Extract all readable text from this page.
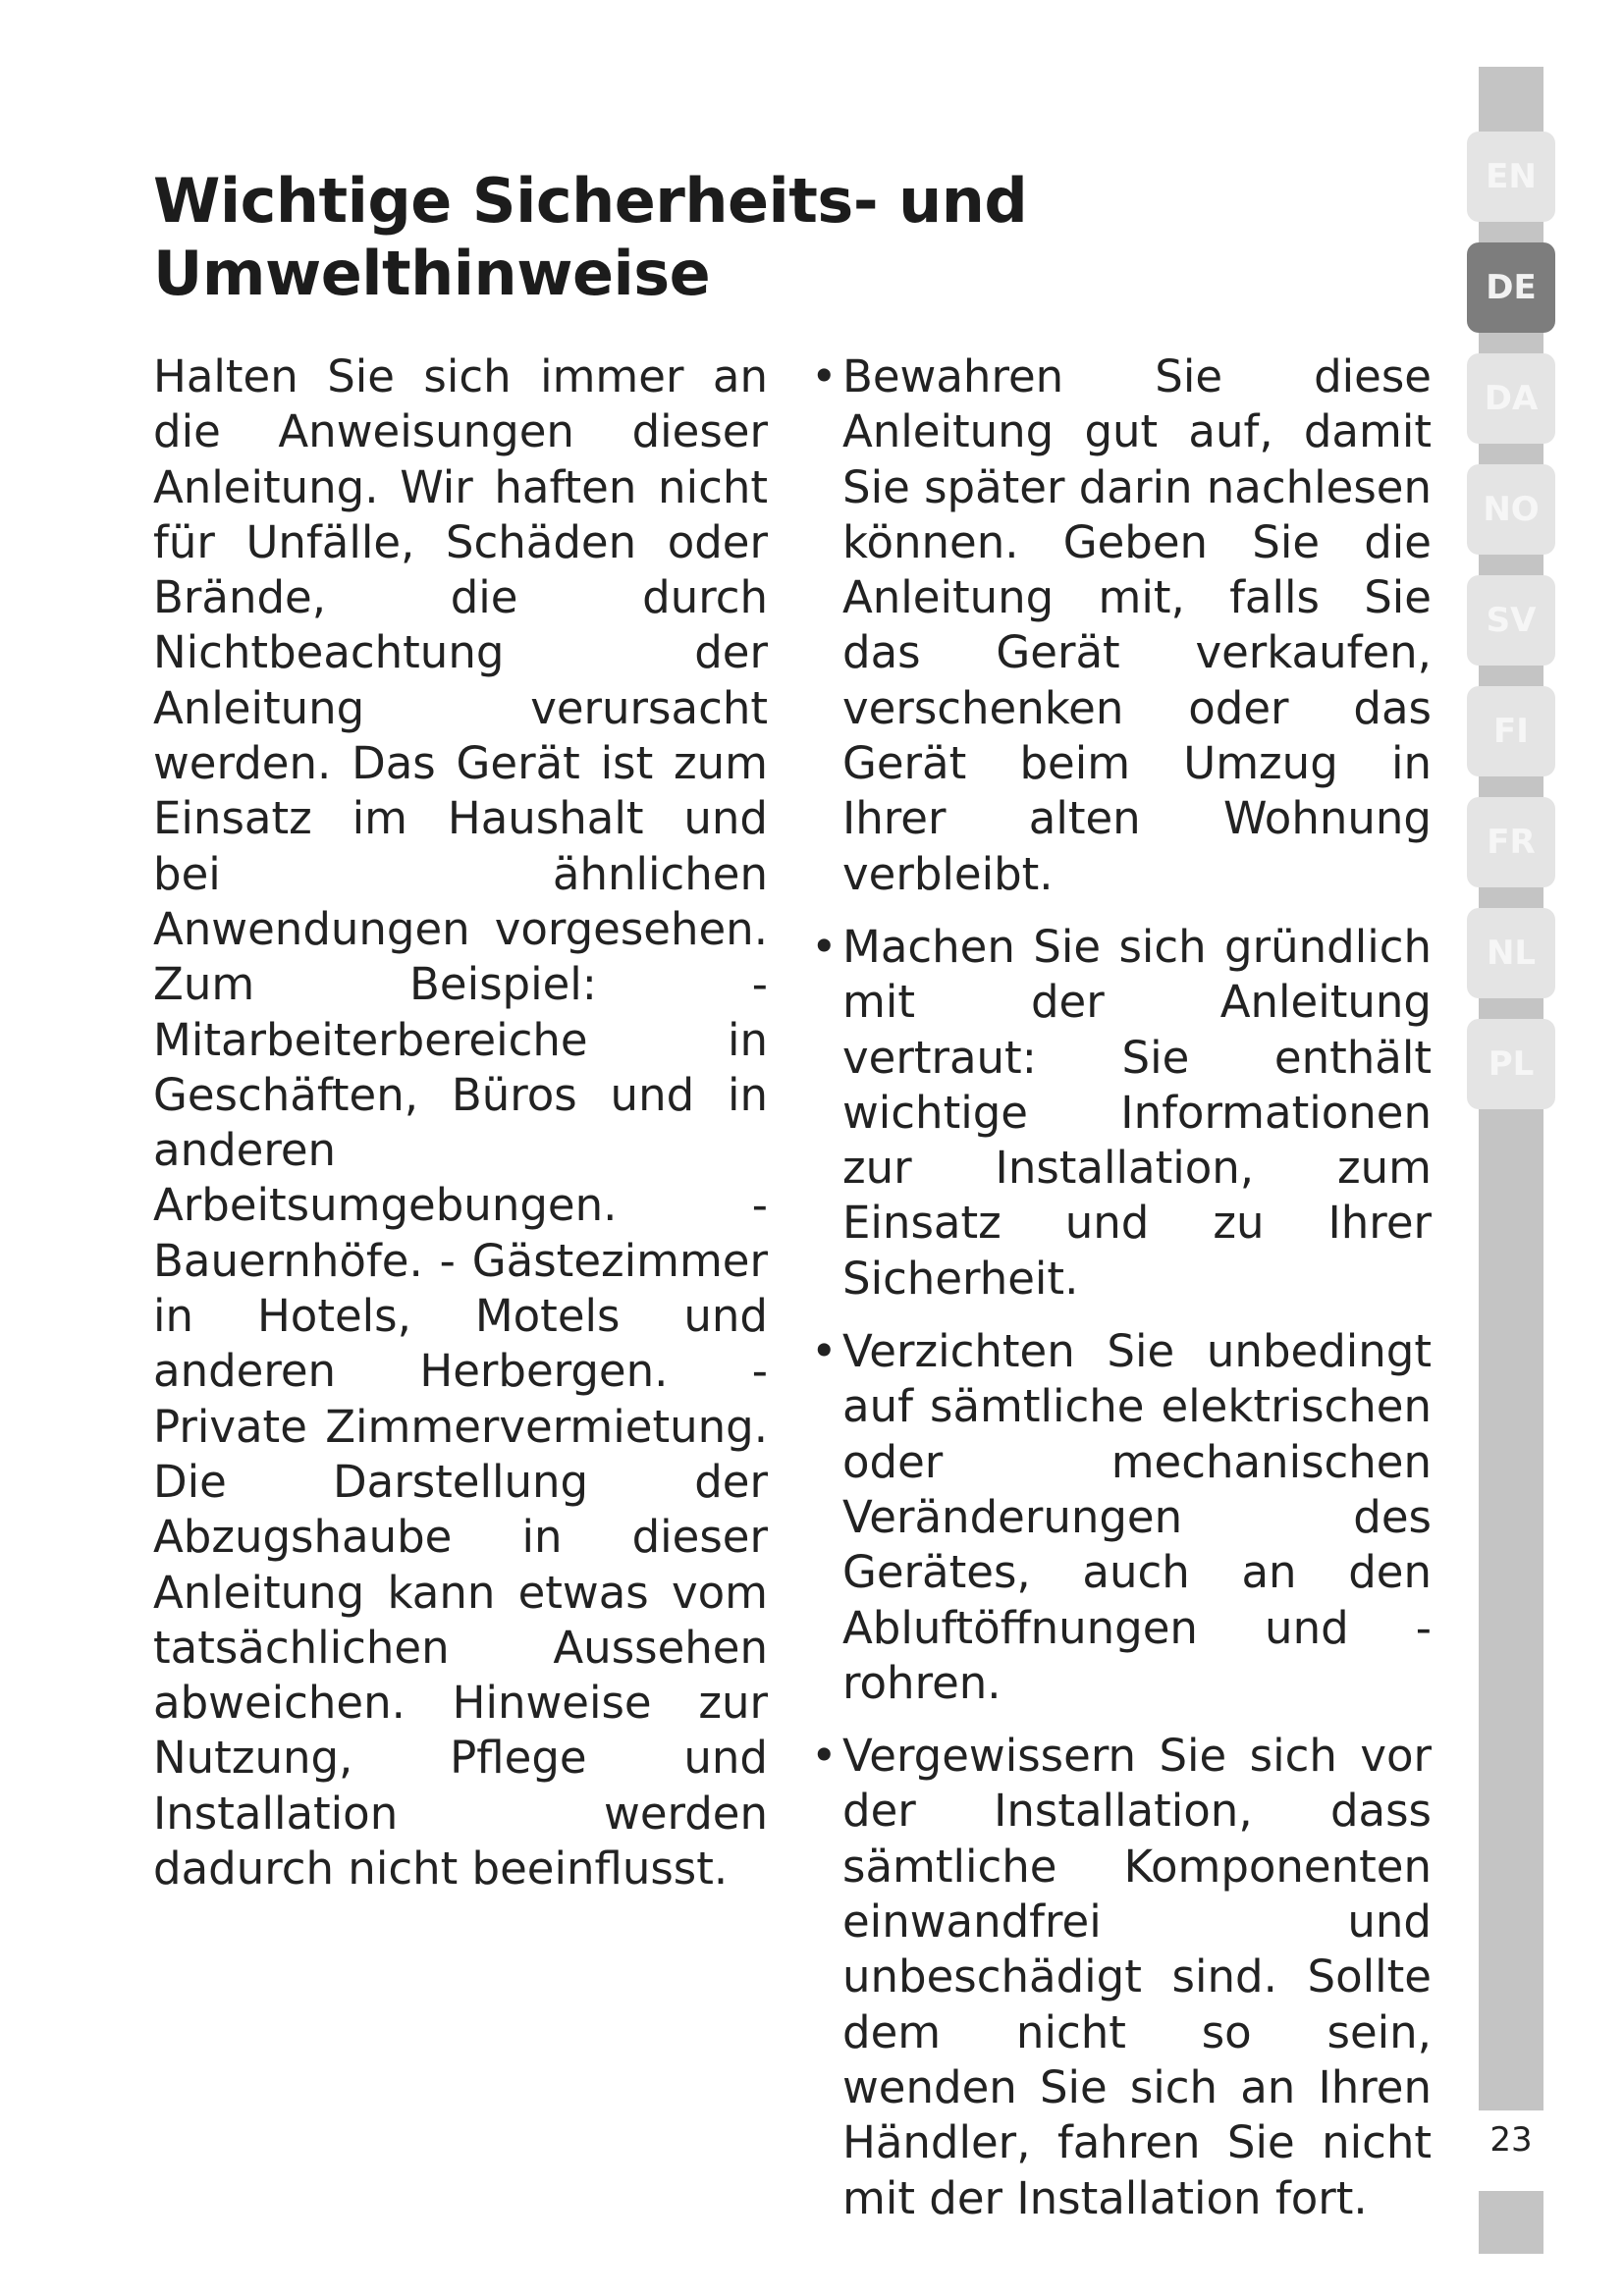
Wichtige Sicherheits- und
Umwelthinweise

Halten Sie sich immer an die Anweisungen dieser Anleitung. Wir haften nicht für Unfälle, Schäden oder Brände, die durch Nichtbeachtung der Anleitung verursacht werden. Das Gerät ist zum Einsatz im Haushalt und bei ähnlichen Anwendungen vorgesehen. Zum Beispiel: - Mitarbeiterbereiche in Geschäften, Büros und in anderen Arbeitsumgebungen. - Bauernhöfe. - Gästezimmer in Hotels, Motels und anderen Herbergen. - Private Zimmervermietung. Die Darstellung der Abzugshaube in dieser Anleitung kann etwas vom tatsächlichen Aussehen abweichen. Hinweise zur Nutzung, Pflege und Installation werden dadurch nicht beeinflusst.

• Bewahren Sie diese Anleitung gut auf, damit Sie später darin nachlesen können. Geben Sie die Anleitung mit, falls Sie das Gerät verkaufen, verschenken oder das Gerät beim Umzug in Ihrer alten Wohnung verbleibt.
• Machen Sie sich gründlich mit der Anleitung vertraut: Sie enthält wichtige Informationen zur Installation, zum Einsatz und zu Ihrer Sicherheit.
• Verzichten Sie unbedingt auf sämtliche elektrischen oder mechanischen Veränderungen des Gerätes, auch an den Abluftöffnungen und -rohren.
• Vergewissern Sie sich vor der Installation, dass sämtliche Komponenten einwandfrei und unbeschädigt sind. Sollte dem nicht so sein, wenden Sie sich an Ihren Händler, fahren Sie nicht mit der Installation fort.
EN
DE
DA
NO
SV
FI
FR
NL
PL
23
